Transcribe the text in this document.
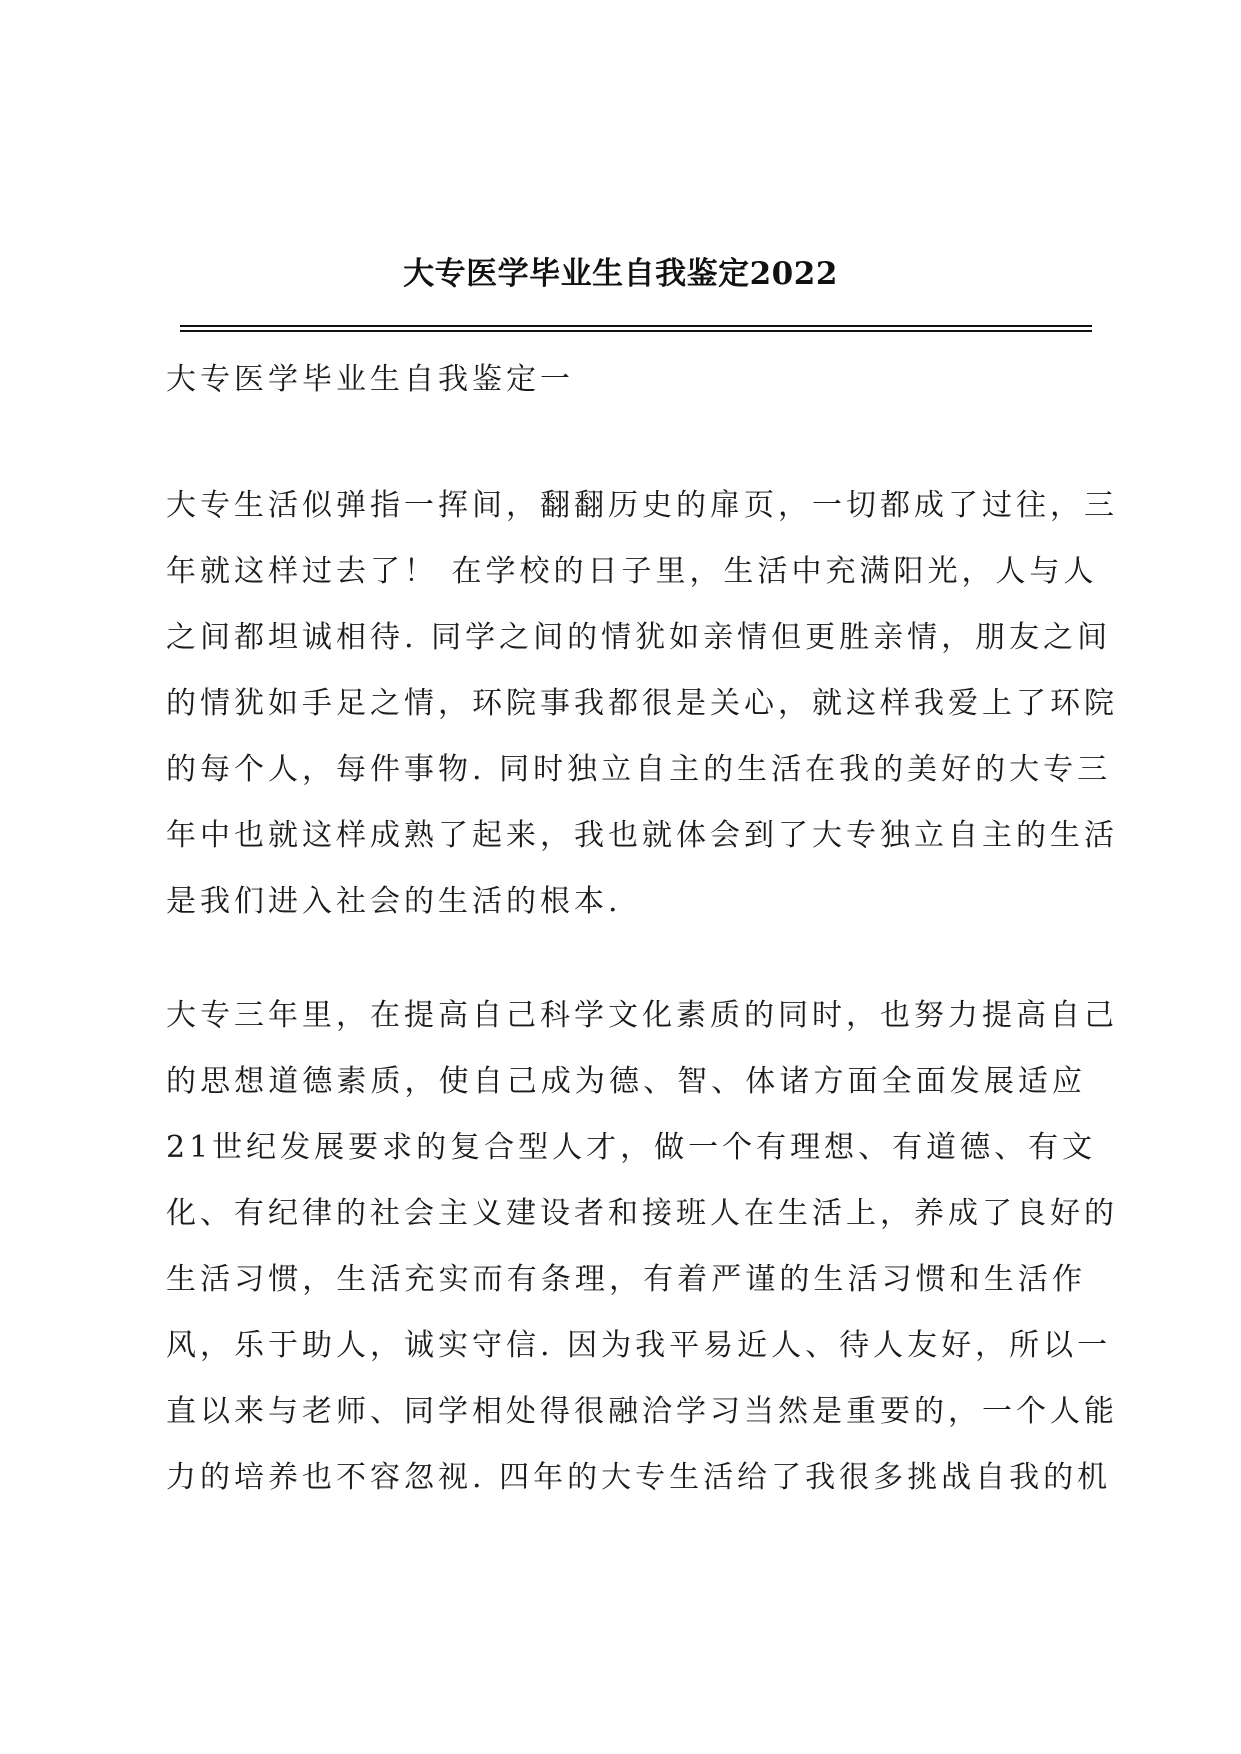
大专医学毕业生自我鉴定2022
大专医学毕业生自我鉴定一
大专生活似弹指一挥间，翻翻历史的扉页，一切都成了过往，三
年就这样过去了！ 在学校的日子里，生活中充满阳光，人与人
之间都坦诚相待. 同学之间的情犹如亲情但更胜亲情，朋友之间
的情犹如手足之情，环院事我都很是关心，就这样我爱上了环院
的每个人，每件事物. 同时独立自主的生活在我的美好的大专三
年中也就这样成熟了起来，我也就体会到了大专独立自主的生活
是我们进入社会的生活的根本.
大专三年里，在提高自己科学文化素质的同时，也努力提高自己
的思想道德素质，使自己成为德、智、体诸方面全面发展适应
21世纪发展要求的复合型人才，做一个有理想、有道德、有文
化、有纪律的社会主义建设者和接班人在生活上，养成了良好的
生活习惯，生活充实而有条理，有着严谨的生活习惯和生活作
风，乐于助人，诚实守信. 因为我平易近人、待人友好，所以一
直以来与老师、同学相处得很融洽学习当然是重要的，一个人能
力的培养也不容忽视. 四年的大专生活给了我很多挑战自我的机
